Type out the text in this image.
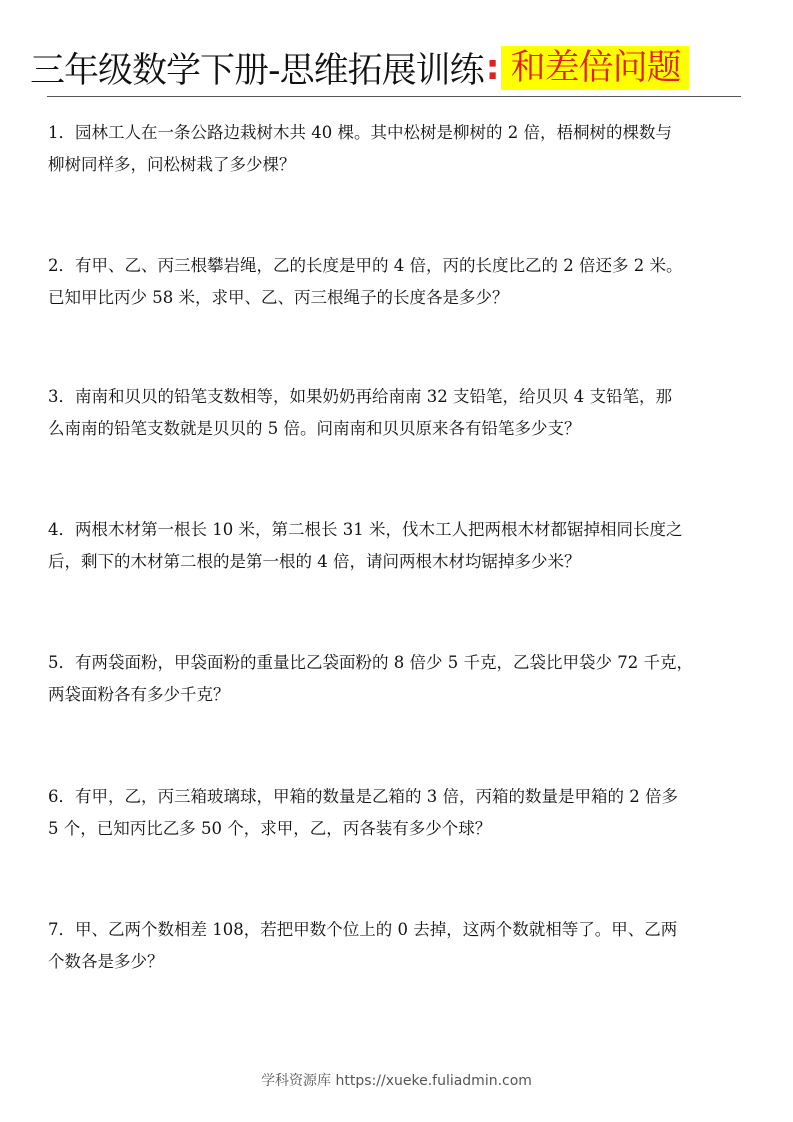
三年级数学下册-思维拓展训练 : 和差倍问题
1．园林工人在一条公路边栽树木共 40 棵。其中松树是柳树的 2 倍，梧桐树的棵数与
柳树同样多，问松树栽了多少棵？
2．有甲、乙、丙三根攀岩绳，乙的长度是甲的 4 倍，丙的长度比乙的 2 倍还多 2 米。
已知甲比丙少 58 米，求甲、乙、丙三根绳子的长度各是多少？
3．南南和贝贝的铅笔支数相等，如果奶奶再给南南 32 支铅笔，给贝贝 4 支铅笔，那
么南南的铅笔支数就是贝贝的 5 倍。问南南和贝贝原来各有铅笔多少支？
4．两根木材第一根长 10 米，第二根长 31 米，伐木工人把两根木材都锯掉相同长度之
后，剩下的木材第二根的是第一根的 4 倍，请问两根木材均锯掉多少米？
5．有两袋面粉，甲袋面粉的重量比乙袋面粉的 8 倍少 5 千克，乙袋比甲袋少 72 千克，
两袋面粉各有多少千克？
6．有甲，乙，丙三箱玻璃球，甲箱的数量是乙箱的 3 倍，丙箱的数量是甲箱的 2 倍多
5 个，已知丙比乙多 50 个，求甲，乙，丙各装有多少个球？
7．甲、乙两个数相差 108，若把甲数个位上的 0 去掉，这两个数就相等了。甲、乙两
个数各是多少？
学科资源库 https://xueke.fuliadmin.com
